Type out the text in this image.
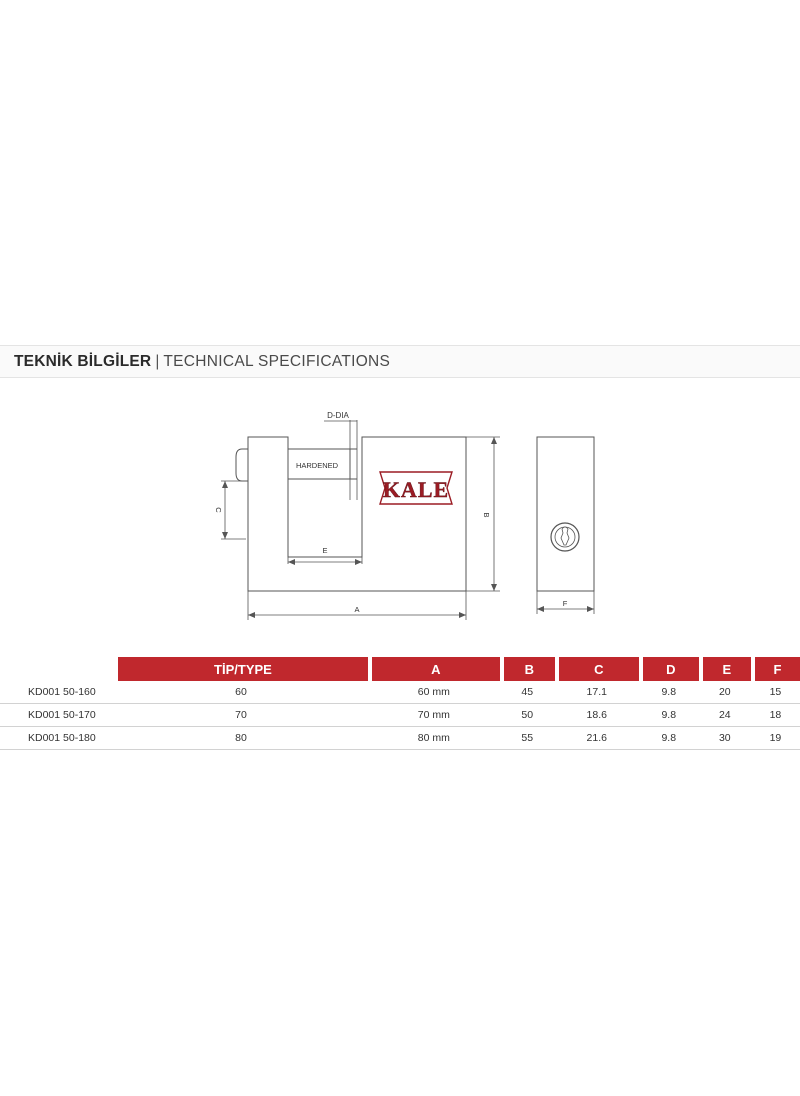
TEKNİK BİLGİLER | TECHNICAL SPECIFICATIONS
KALE
D-DIA
HARDENED
C
E
A
B
F
	TİP/TYPE	A	B	C	D	E	F
KD001 50-160	60	60 mm	45	17.1	9.8	20	15
KD001 50-170	70	70 mm	50	18.6	9.8	24	18
KD001 50-180	80	80 mm	55	21.6	9.8	30	19
